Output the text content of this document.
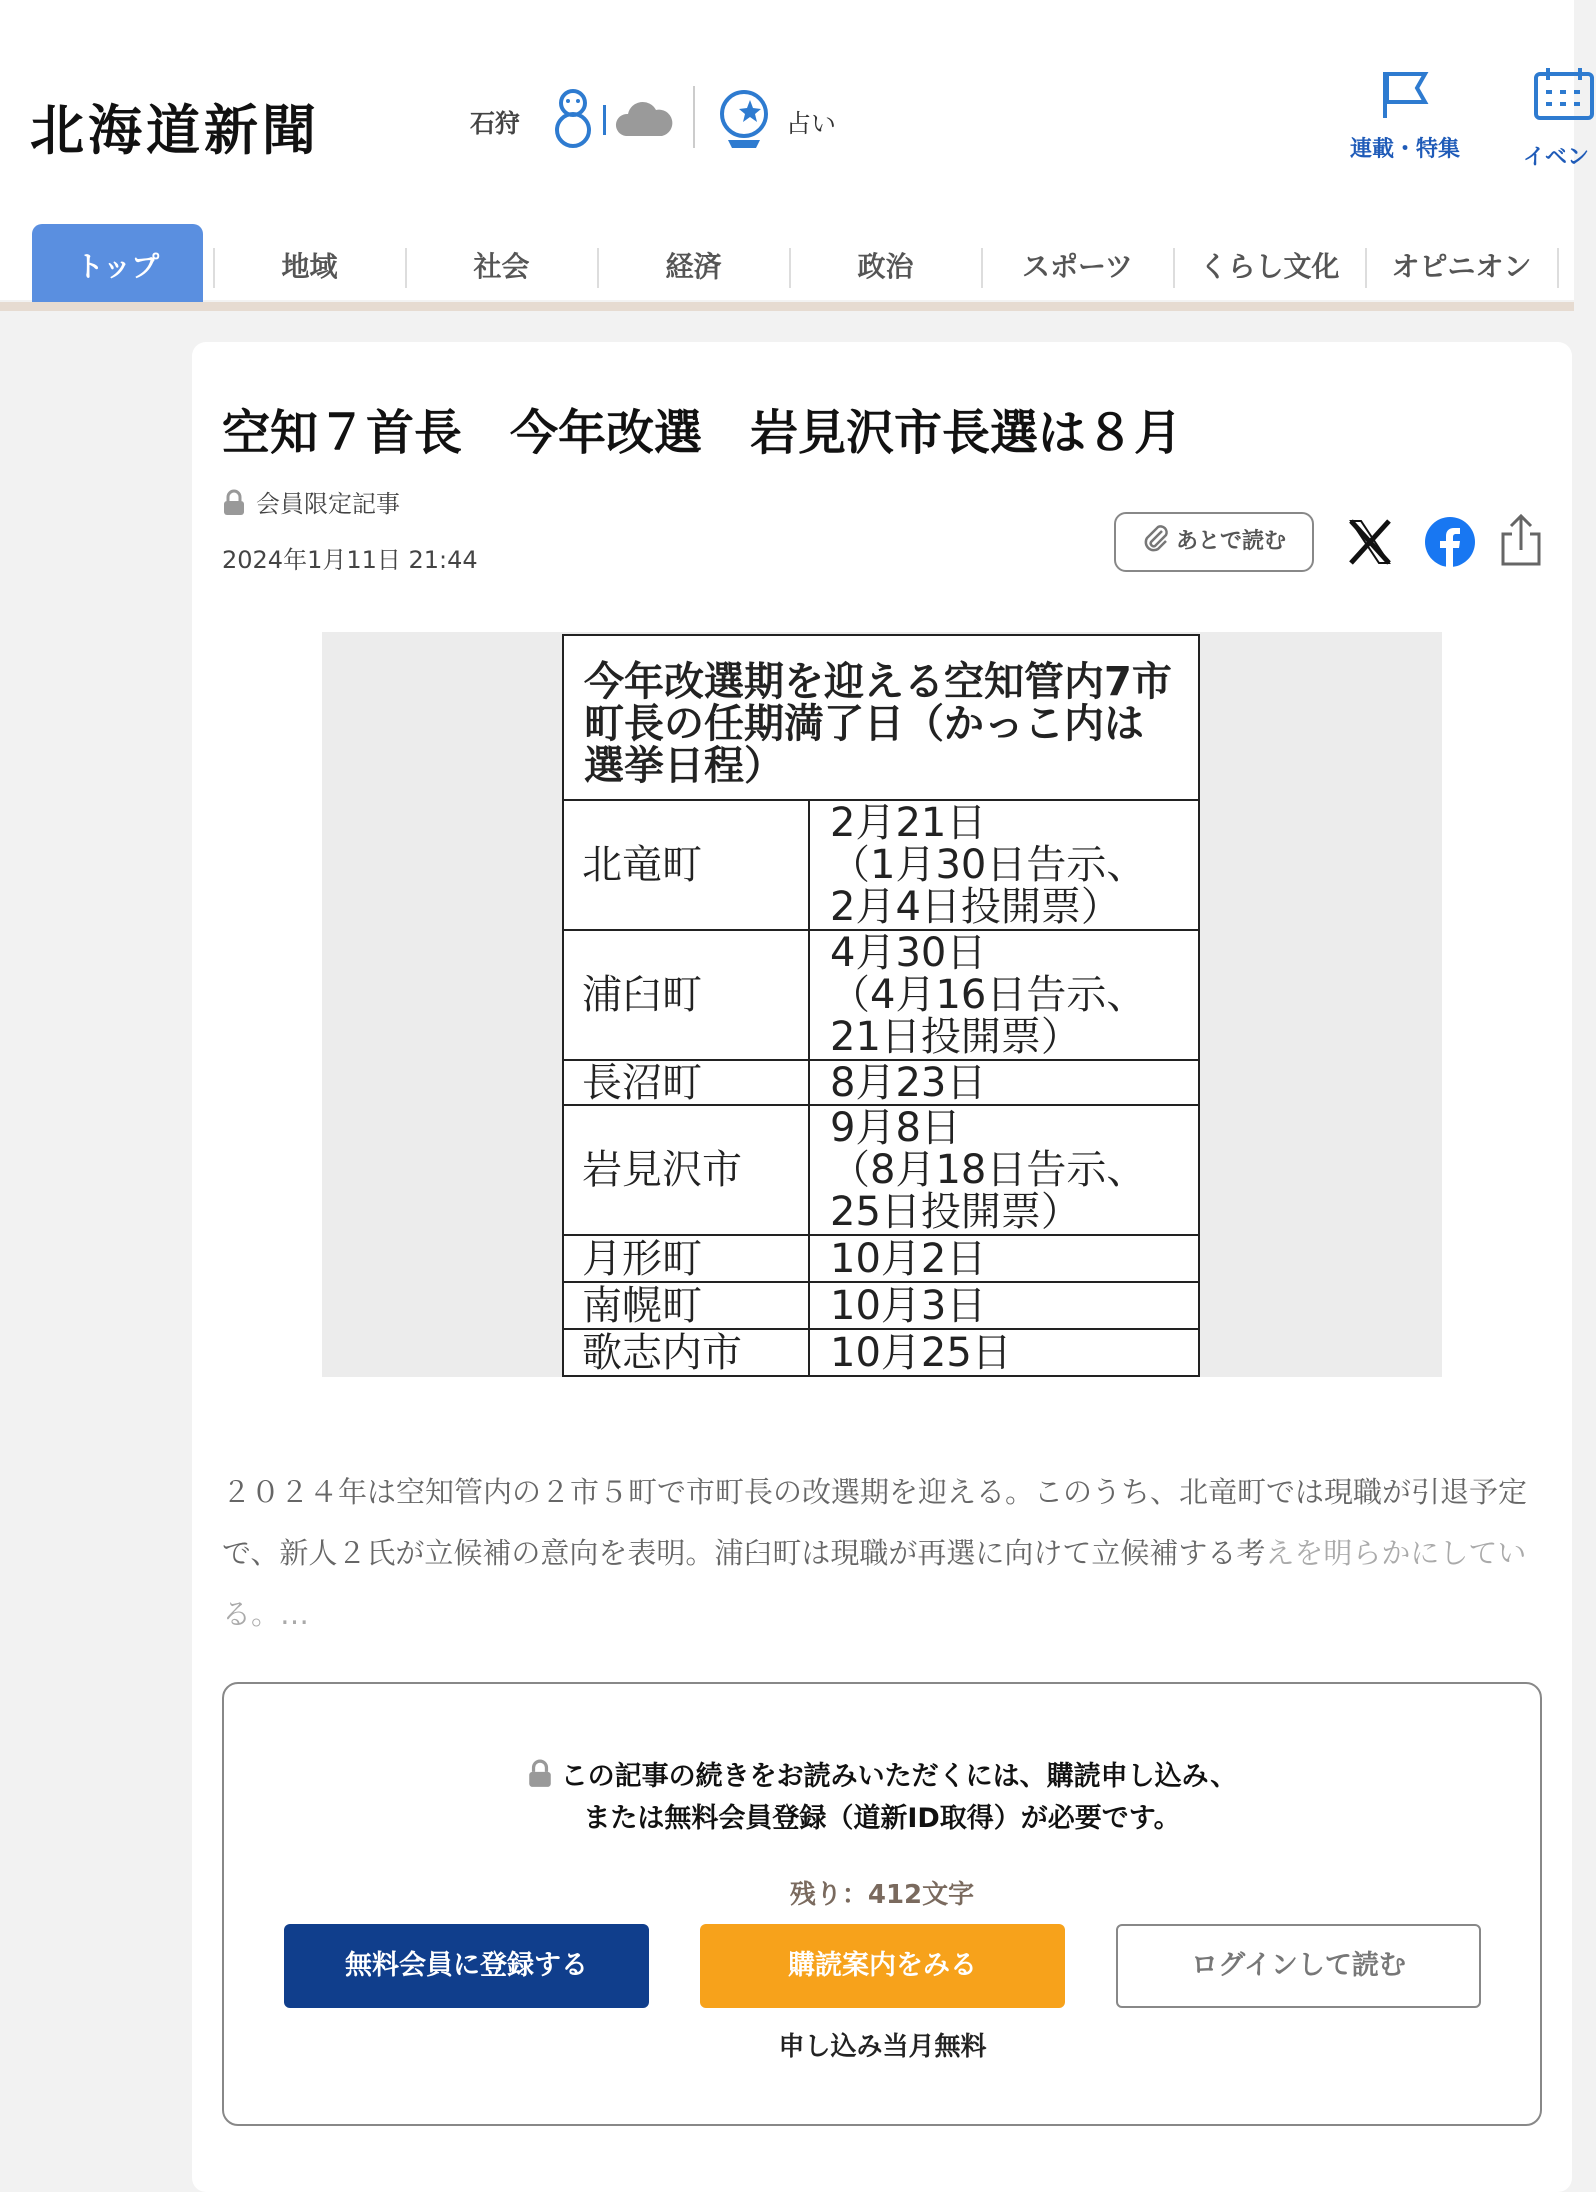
北海道新聞	石狩	占い
連載・特集	イベン
トップ	地域	社会	経済	政治	スポーツ	くらし文化	オピニオン
空知７首長　今年改選　岩見沢市長選は８月
会員限定記事
2024年1月11日 21:44
あとで読む
今年改選期を迎える空知管内7市町長の任期満了日（かっこ内は選挙日程）	
北竜町	2月21日
（1月30日告示、
2月4日投開票）
浦臼町	4月30日
（4月16日告示、
21日投開票）
長沼町	8月23日
岩見沢市	9月8日
（8月18日告示、
25日投開票）
月形町	10月2日
南幌町	10月3日
歌志内市	10月25日

２０２４年は空知管内の２市５町で市町長の改選期を迎える。このうち、北竜町では現職が引退予定で、新人２氏が立候補の意向を表明。浦臼町は現職が再選に向けて立候補する考えを明らかにしている。…

この記事の続きをお読みいただくには、購読申し込み、
または無料会員登録（道新ID取得）が必要です。
残り：412文字
無料会員に登録する	購読案内をみる	ログインして読む
申し込み当月無料
